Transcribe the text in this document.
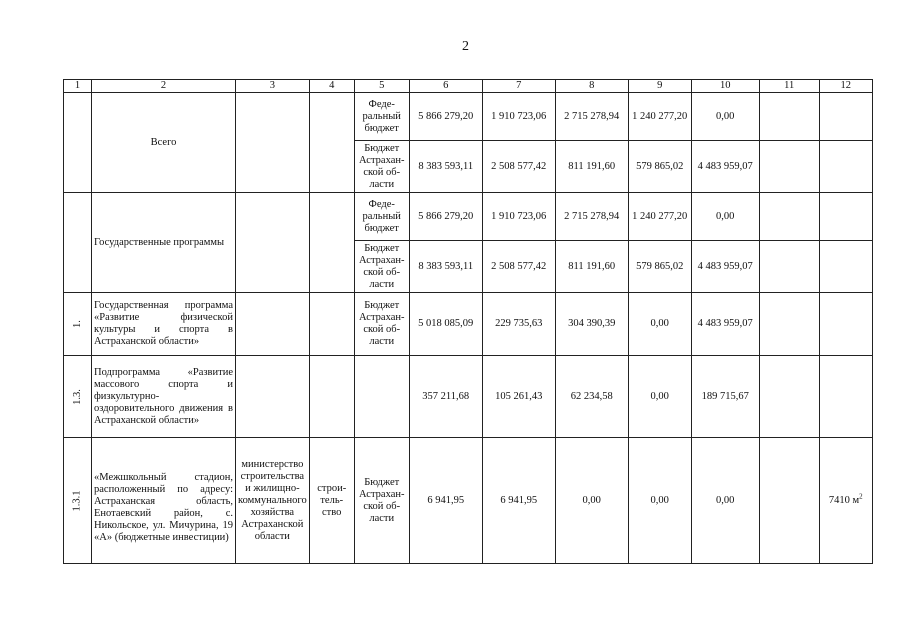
2
1	2	3	4	5	6	7	8	9	10	11	12
	Всего			Феде-ральный бюджет	5 866 279,20	1 910 723,06	2 715 278,94	1 240 277,20	0,00		
				Бюджет Астрахан-ской об-ласти	8 383 593,11	2 508 577,42	811 191,60	579 865,02	4 483 959,07		
	Государственные программы			Феде-ральный бюджет	5 866 279,20	1 910 723,06	2 715 278,94	1 240 277,20	0,00		
				Бюджет Астрахан-ской об-ласти	8 383 593,11	2 508 577,42	811 191,60	579 865,02	4 483 959,07		
1.	Государственная программа «Развитие физической культуры и спорта в Астраханской области»			Бюджет Астрахан-ской об-ласти	5 018 085,09	229 735,63	304 390,39	0,00	4 483 959,07		
1.3.	Подпрограмма «Развитие массового спорта и физкультурно-оздоровительного движения в Астраханской области»				357 211,68	105 261,43	62 234,58	0,00	189 715,67		
1.3.1	«Межшкольный стадион, расположенный по адресу: Астраханская область, Енотаевский район, с. Никольское, ул. Мичурина, 19 «А» (бюджетные инвестиции)	министерство строительства и жилищно-коммунального хозяйства Астраханской области	строи-тель-ство	Бюджет Астрахан-ской об-ласти	6 941,95	6 941,95	0,00	0,00	0,00		7410 $м^2$
